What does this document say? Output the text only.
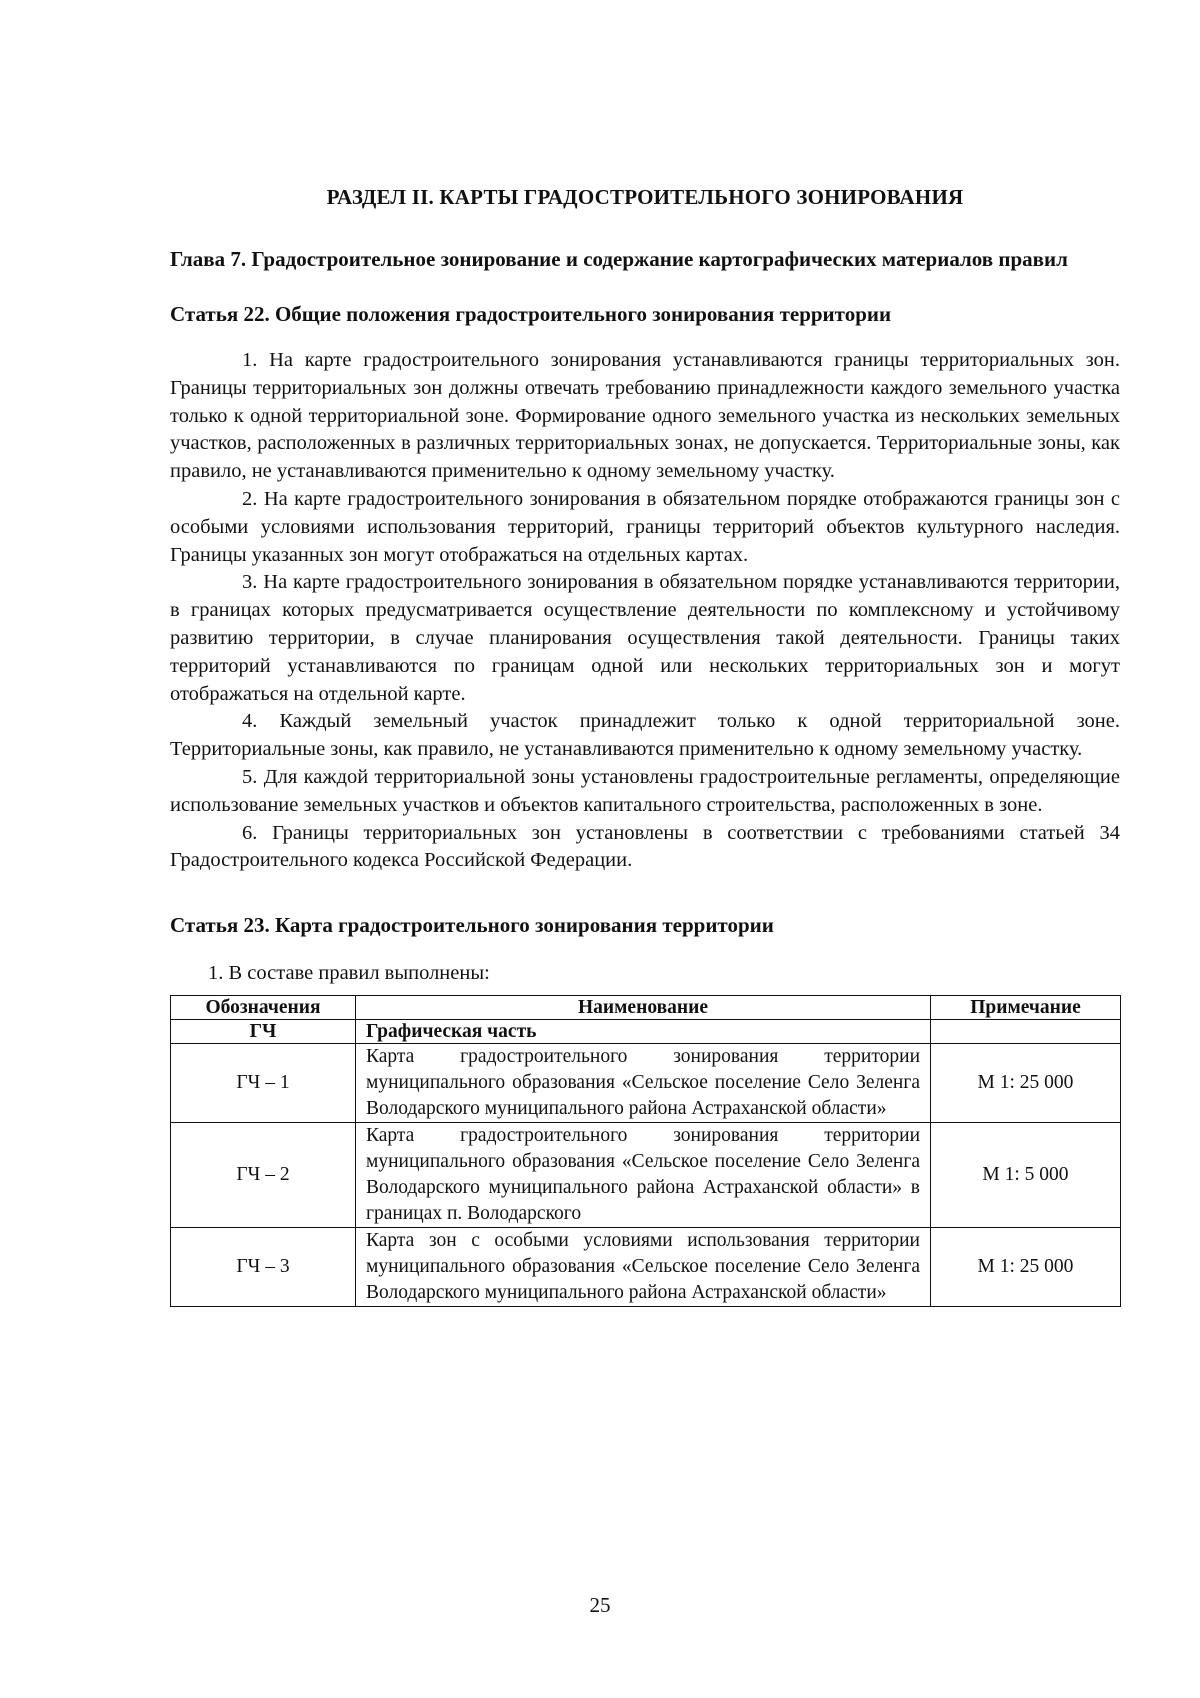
РАЗДЕЛ II. КАРТЫ ГРАДОСТРОИТЕЛЬНОГО ЗОНИРОВАНИЯ
Глава 7. Градостроительное зонирование и содержание картографических материалов правил
Статья 22. Общие положения градостроительного зонирования территории

1. На карте градостроительного зонирования устанавливаются границы территориальных зон. Границы территориальных зон должны отвечать требованию принадлежности каждого земельного участка только к одной территориальной зоне. Формирование одного земельного участка из нескольких земельных участков, расположенных в различных территориальных зонах, не допускается. Территориальные зоны, как правило, не устанавливаются применительно к одному земельному участку.

2. На карте градостроительного зонирования в обязательном порядке отображаются границы зон с особыми условиями использования территорий, границы территорий объектов культурного наследия. Границы указанных зон могут отображаться на отдельных картах.

3. На карте градостроительного зонирования в обязательном порядке устанавливаются территории, в границах которых предусматривается осуществление деятельности по комплексному и устойчивому развитию территории, в случае планирования осуществления такой деятельности. Границы таких территорий устанавливаются по границам одной или нескольких территориальных зон и могут отображаться на отдельной карте.

4. Каждый земельный участок принадлежит только к одной территориальной зоне. Территориальные зоны, как правило, не устанавливаются применительно к одному земельному участку.

5. Для каждой территориальной зоны установлены градостроительные регламенты, определяющие использование земельных участков и объектов капитального строительства, расположенных в зоне.

6. Границы территориальных зон установлены в соответствии с требованиями статьей 34 Градостроительного кодекса Российской Федерации.

Статья 23. Карта градостроительного зонирования территории

1. В составе правил выполнены:

Обозначения	Наименование	Примечание
ГЧ	Графическая часть	
ГЧ – 1	Карта градостроительного зонирования территории муниципального образования «Сельское поселение Село Зеленга Володарского муниципального района Астраханской области»	М 1: 25 000
ГЧ – 2	Карта градостроительного зонирования территории муниципального образования «Сельское поселение Село Зеленга Володарского муниципального района Астраханской области» в границах п. Володарского	М 1: 5 000
ГЧ – 3	Карта зон с особыми условиями использования территории муниципального образования «Сельское поселение Село Зеленга Володарского муниципального района Астраханской области»	М 1: 25 000
25
